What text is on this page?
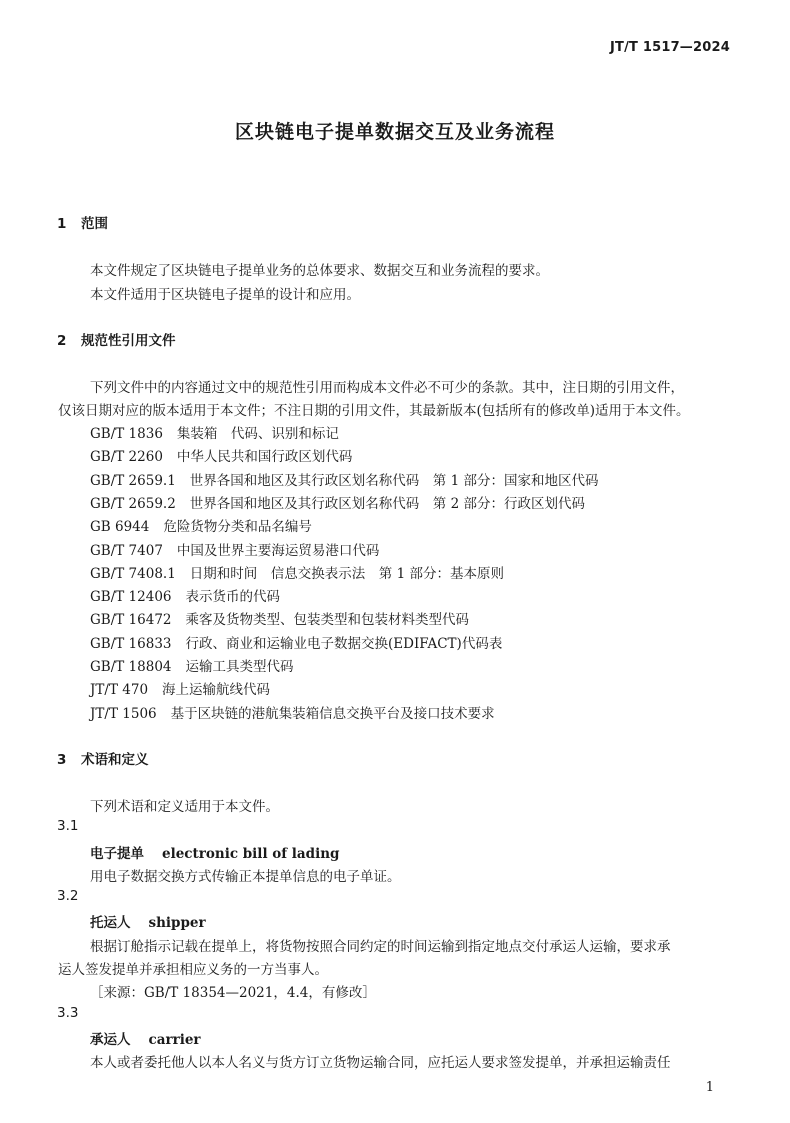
JT/T 1517—2024
区块链电子提单数据交互及业务流程
1 范围
本文件规定了区块链电子提单业务的总体要求、数据交互和业务流程的要求。
本文件适用于区块链电子提单的设计和应用。
2 规范性引用文件
下列文件中的内容通过文中的规范性引用而构成本文件必不可少的条款。其中，注日期的引用文件，
仅该日期对应的版本适用于本文件；不注日期的引用文件，其最新版本(包括所有的修改单)适用于本文件。
GB/T 1836 集装箱　代码、识别和标记
GB/T 2260 中华人民共和国行政区划代码
GB/T 2659.1 世界各国和地区及其行政区划名称代码　第 1 部分：国家和地区代码
GB/T 2659.2 世界各国和地区及其行政区划名称代码　第 2 部分：行政区划代码
GB 6944 危险货物分类和品名编号
GB/T 7407 中国及世界主要海运贸易港口代码
GB/T 7408.1 日期和时间　信息交换表示法　第 1 部分：基本原则
GB/T 12406 表示货币的代码
GB/T 16472 乘客及货物类型、包装类型和包装材料类型代码
GB/T 16833 行政、商业和运输业电子数据交换(EDIFACT)代码表
GB/T 18804 运输工具类型代码
JT/T 470 海上运输航线代码
JT/T 1506 基于区块链的港航集装箱信息交换平台及接口技术要求
3 术语和定义
下列术语和定义适用于本文件。
3.1
电子提单 electronic bill of lading
用电子数据交换方式传输正本提单信息的电子单证。
3.2
托运人 shipper
根据订舱指示记载在提单上，将货物按照合同约定的时间运输到指定地点交付承运人运输，要求承
运人签发提单并承担相应义务的一方当事人。
［来源：GB/T 18354—2021，4.4，有修改］
3.3
承运人 carrier
本人或者委托他人以本人名义与货方订立货物运输合同，应托运人要求签发提单，并承担运输责任
1
